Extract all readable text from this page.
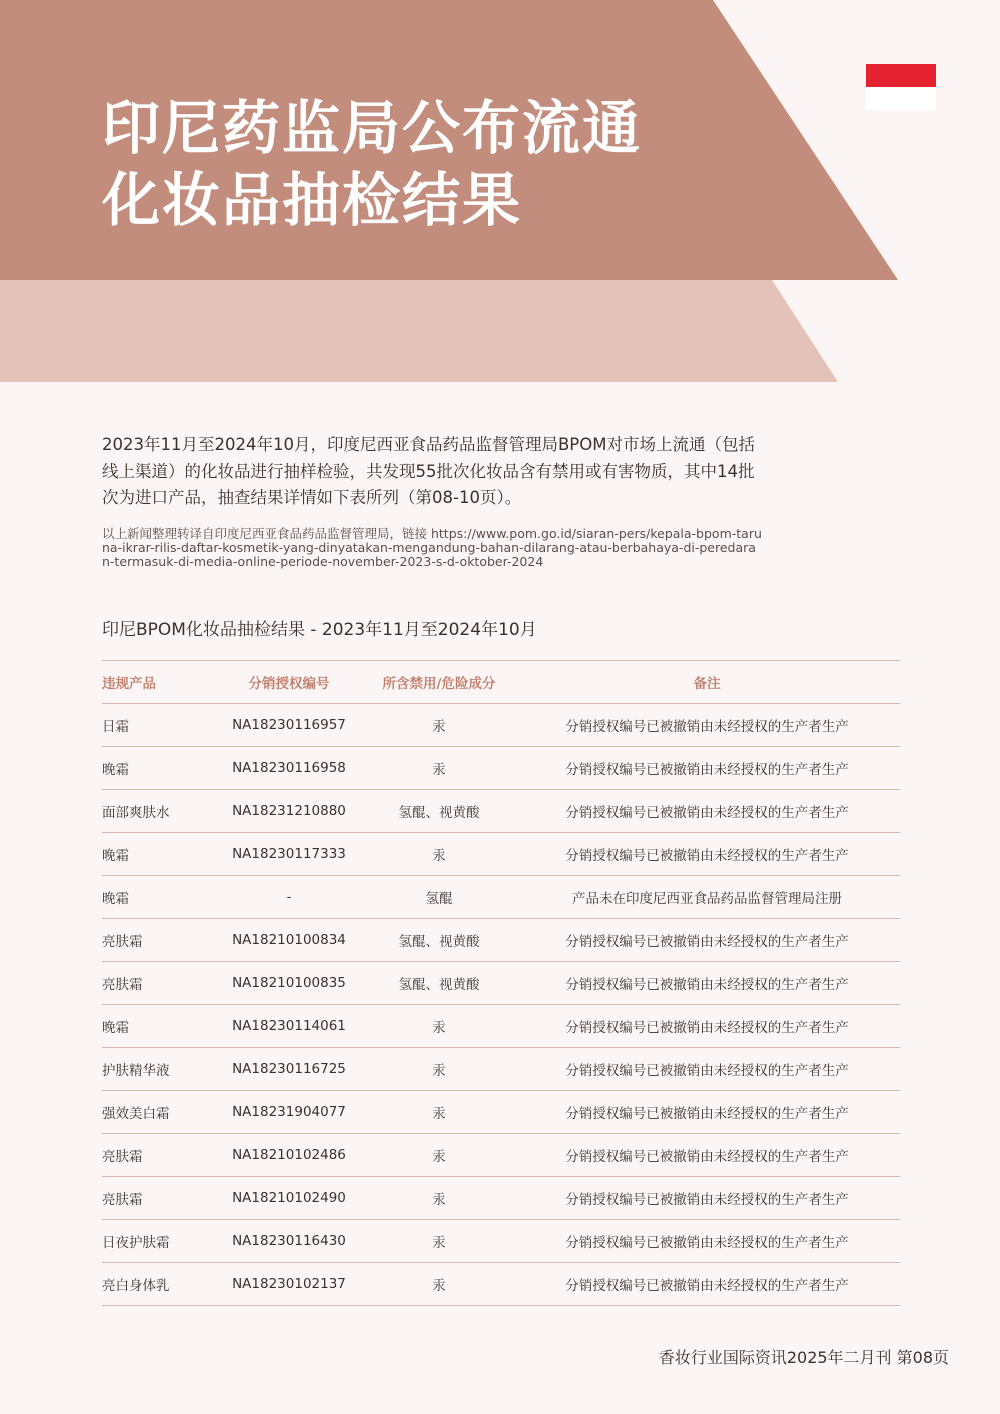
印尼药监局公布流通
化妆品抽检结果
2023年11月至2024年10月，印度尼西亚食品药品监督管理局BPOM对市场上流通（包括线上渠道）的化妆品进行抽样检验，共发现55批次化妆品含有禁用或有害物质，其中14批次为进口产品，抽查结果详情如下表所列（第08-10页）。
以上新闻整理转译自印度尼西亚食品药品监督管理局，链接 https://www.pom.go.id/siaran-pers/kepala-bpom-taruna-ikrar-rilis-daftar-kosmetik-yang-dinyatakan-mengandung-bahan-dilarang-atau-berbahaya-di-peredaran-termasuk-di-media-online-periode-november-2023-s-d-oktober-2024
印尼BPOM化妆品抽检结果 - 2023年11月至2024年10月
违规产品	分销授权编号	所含禁用/危险成分	备注
日霜	NA18230116957	汞	分销授权编号已被撤销由未经授权的生产者生产
晚霜	NA18230116958	汞	分销授权编号已被撤销由未经授权的生产者生产
面部爽肤水	NA18231210880	氢醌、视黄酸	分销授权编号已被撤销由未经授权的生产者生产
晚霜	NA18230117333	汞	分销授权编号已被撤销由未经授权的生产者生产
晚霜	-	氢醌	产品未在印度尼西亚食品药品监督管理局注册
亮肤霜	NA18210100834	氢醌、视黄酸	分销授权编号已被撤销由未经授权的生产者生产
亮肤霜	NA18210100835	氢醌、视黄酸	分销授权编号已被撤销由未经授权的生产者生产
晚霜	NA18230114061	汞	分销授权编号已被撤销由未经授权的生产者生产
护肤精华液	NA18230116725	汞	分销授权编号已被撤销由未经授权的生产者生产
强效美白霜	NA18231904077	汞	分销授权编号已被撤销由未经授权的生产者生产
亮肤霜	NA18210102486	汞	分销授权编号已被撤销由未经授权的生产者生产
亮肤霜	NA18210102490	汞	分销授权编号已被撤销由未经授权的生产者生产
日夜护肤霜	NA18230116430	汞	分销授权编号已被撤销由未经授权的生产者生产
亮白身体乳	NA18230102137	汞	分销授权编号已被撤销由未经授权的生产者生产
香妆行业国际资讯2025年二月刊 第08页
